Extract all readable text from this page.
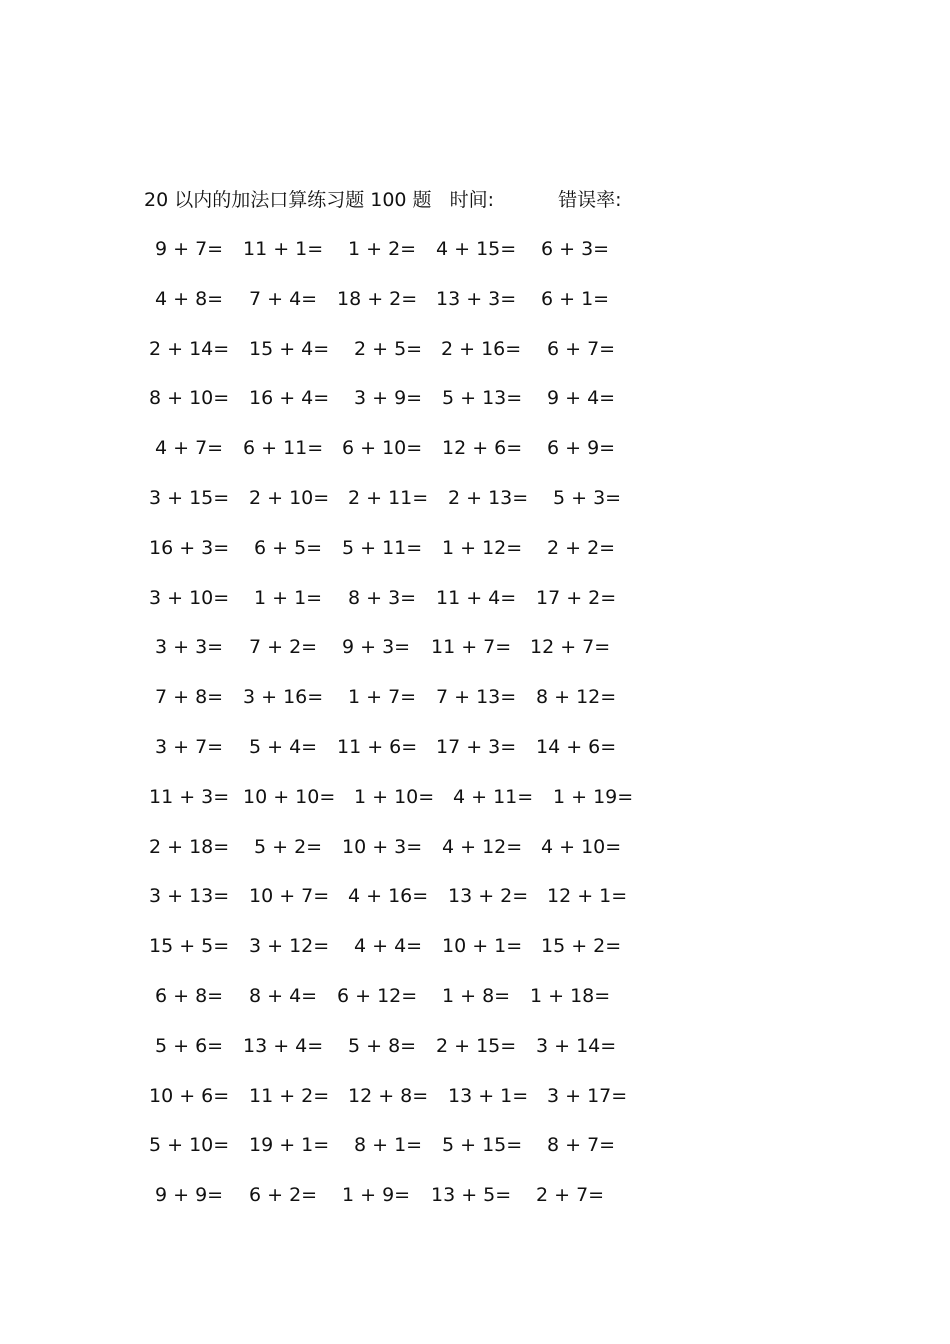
20 以内的加法口算练习题 100 题 时间:	错误率:
9 + 7= 11 + 1= 1 + 2= 4 + 15= 6 + 3=
4 + 8= 7 + 4= 18 + 2= 13 + 3= 6 + 1=
2 + 14= 15 + 4= 2 + 5= 2 + 16= 6 + 7=
8 + 10= 16 + 4= 3 + 9= 5 + 13= 9 + 4=
4 + 7= 6 + 11= 6 + 10= 12 + 6= 6 + 9=
3 + 15= 2 + 10= 2 + 11= 2 + 13= 5 + 3=
16 + 3= 6 + 5= 5 + 11= 1 + 12= 2 + 2=
3 + 10= 1 + 1= 8 + 3= 11 + 4= 17 + 2=
3 + 3= 7 + 2= 9 + 3= 11 + 7= 12 + 7=
7 + 8= 3 + 16= 1 + 7= 7 + 13= 8 + 12=
3 + 7= 5 + 4= 11 + 6= 17 + 3= 14 + 6=
11 + 3= 10 + 10= 1 + 10= 4 + 11= 1 + 19=
2 + 18= 5 + 2= 10 + 3= 4 + 12= 4 + 10=
3 + 13= 10 + 7= 4 + 16= 13 + 2= 12 + 1=
15 + 5= 3 + 12= 4 + 4= 10 + 1= 15 + 2=
6 + 8= 8 + 4= 6 + 12= 1 + 8= 1 + 18=
5 + 6= 13 + 4= 5 + 8= 2 + 15= 3 + 14=
10 + 6= 11 + 2= 12 + 8= 13 + 1= 3 + 17=
5 + 10= 19 + 1= 8 + 1= 5 + 15= 8 + 7=
9 + 9= 6 + 2= 1 + 9= 13 + 5= 2 + 7=
